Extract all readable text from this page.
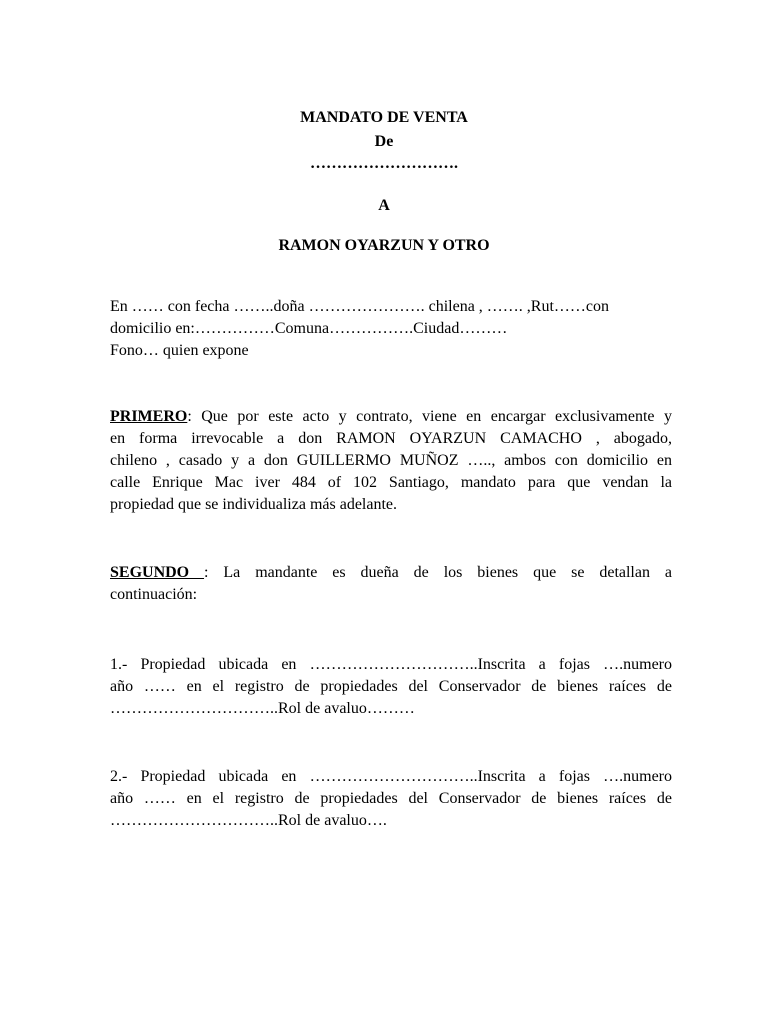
MANDATO DE VENTA

De

……………………….

A

RAMON OYARZUN Y OTRO

En …… con fecha ……..doña …………………. chilena , ……. ,Rut……con
domicilio en:……………Comuna…………….Ciudad………
Fono… quien expone
PRIMERO: Que por este acto y contrato, viene en encargar exclusivamente y
en forma irrevocable a don RAMON OYARZUN CAMACHO , abogado,
chileno , casado y a don GUILLERMO MUÑOZ ….., ambos con domicilio en
calle Enrique Mac iver 484 of 102 Santiago, mandato para que vendan la
propiedad que se individualiza más adelante.
SEGUNDO : La mandante es dueña de los bienes que se detallan a
continuación:
1.- Propiedad ubicada en …………………………..Inscrita a fojas ….numero
año …… en el registro de propiedades del Conservador de bienes raíces de
…………………………..Rol de avaluo………
2.- Propiedad ubicada en …………………………..Inscrita a fojas ….numero
año …… en el registro de propiedades del Conservador de bienes raíces de
…………………………..Rol de avaluo….
